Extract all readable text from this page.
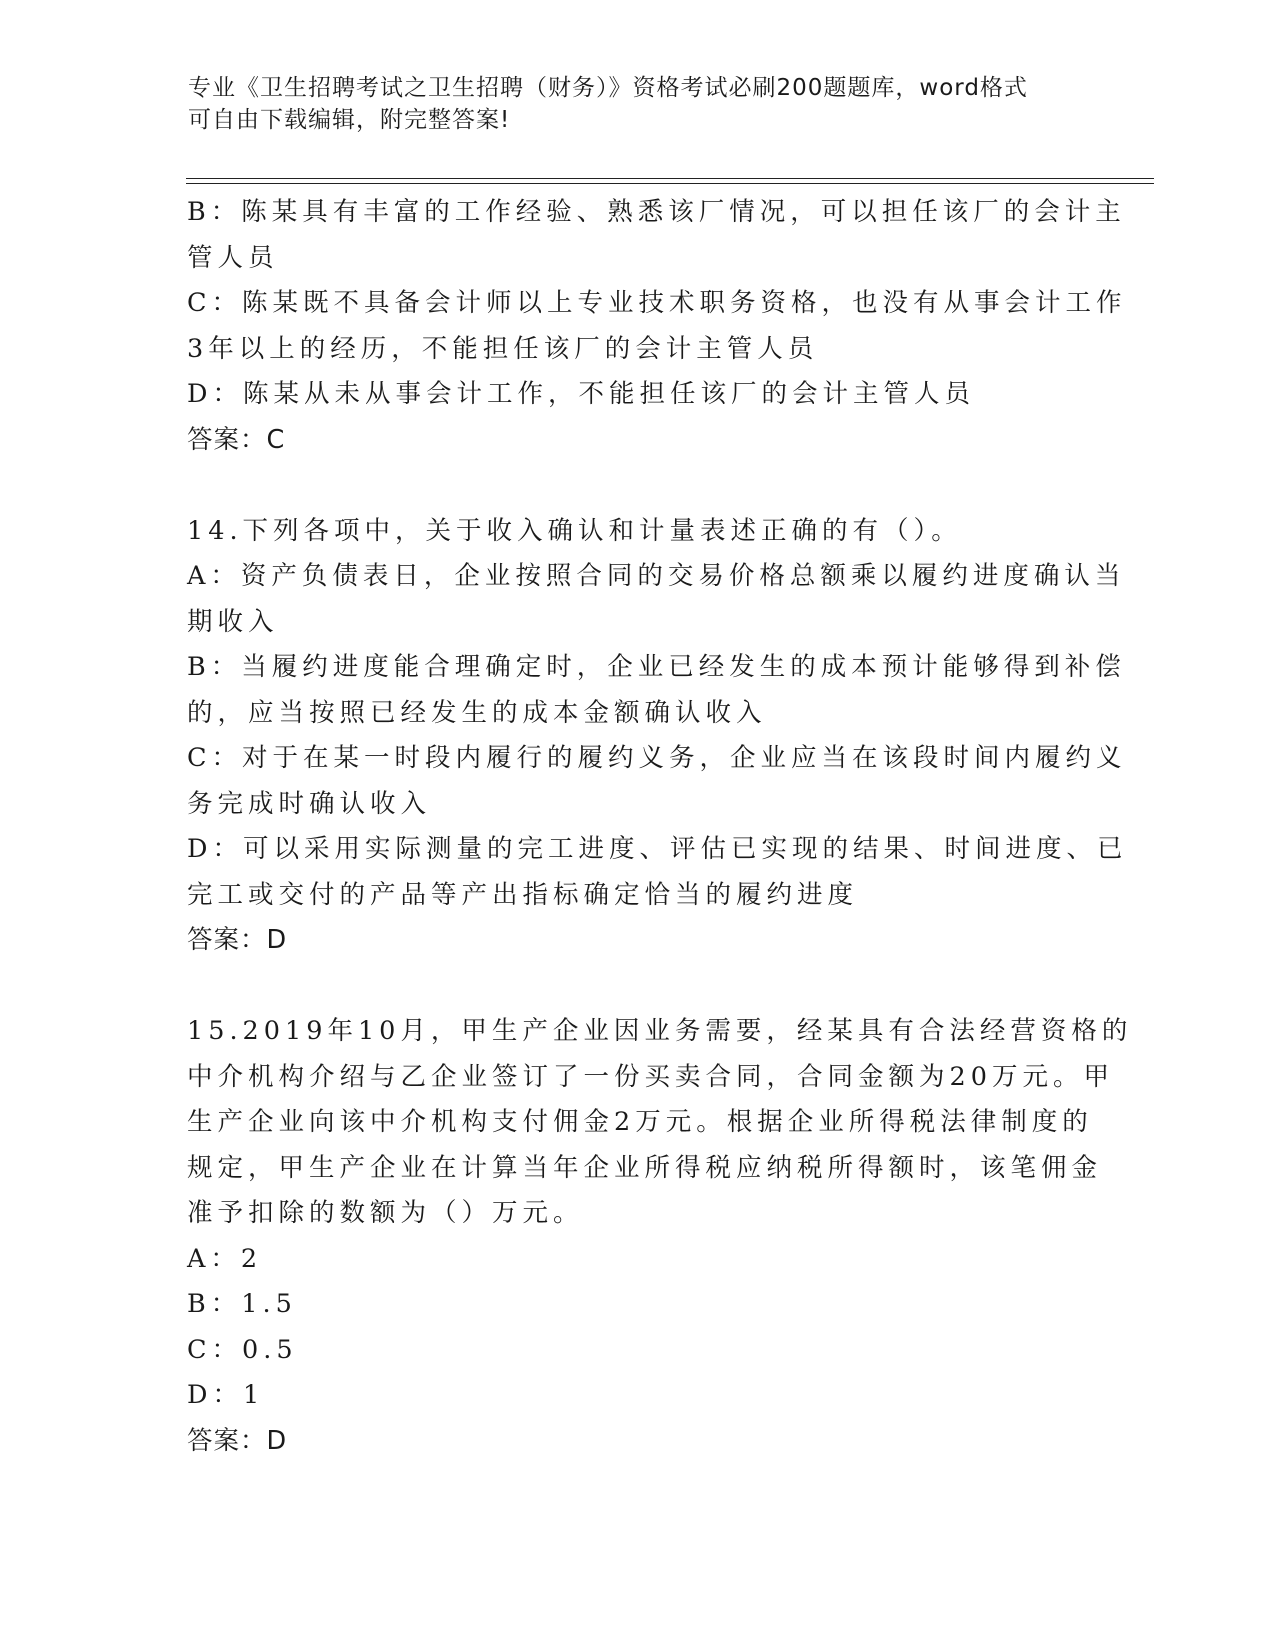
专业《卫生招聘考试之卫生招聘（财务）》资格考试必刷200题题库，word格式
可自由下载编辑，附完整答案!
B：陈某具有丰富的工作经验、熟悉该厂情况，可以担任该厂的会计主
管人员
C：陈某既不具备会计师以上专业技术职务资格，也没有从事会计工作
3年以上的经历，不能担任该厂的会计主管人员
D：陈某从未从事会计工作，不能担任该厂的会计主管人员
答案：C
14.下列各项中，关于收入确认和计量表述正确的有（）。
A：资产负债表日，企业按照合同的交易价格总额乘以履约进度确认当
期收入
B：当履约进度能合理确定时，企业已经发生的成本预计能够得到补偿
的，应当按照已经发生的成本金额确认收入
C：对于在某一时段内履行的履约义务，企业应当在该段时间内履约义
务完成时确认收入
D：可以采用实际测量的完工进度、评估已实现的结果、时间进度、已
完工或交付的产品等产出指标确定恰当的履约进度
答案：D
15.2019年10月，甲生产企业因业务需要，经某具有合法经营资格的
中介机构介绍与乙企业签订了一份买卖合同，合同金额为20万元。甲
生产企业向该中介机构支付佣金2万元。根据企业所得税法律制度的
规定，甲生产企业在计算当年企业所得税应纳税所得额时，该笔佣金
准予扣除的数额为（）万元。
A：2
B：1.5
C：0.5
D：1
答案：D
